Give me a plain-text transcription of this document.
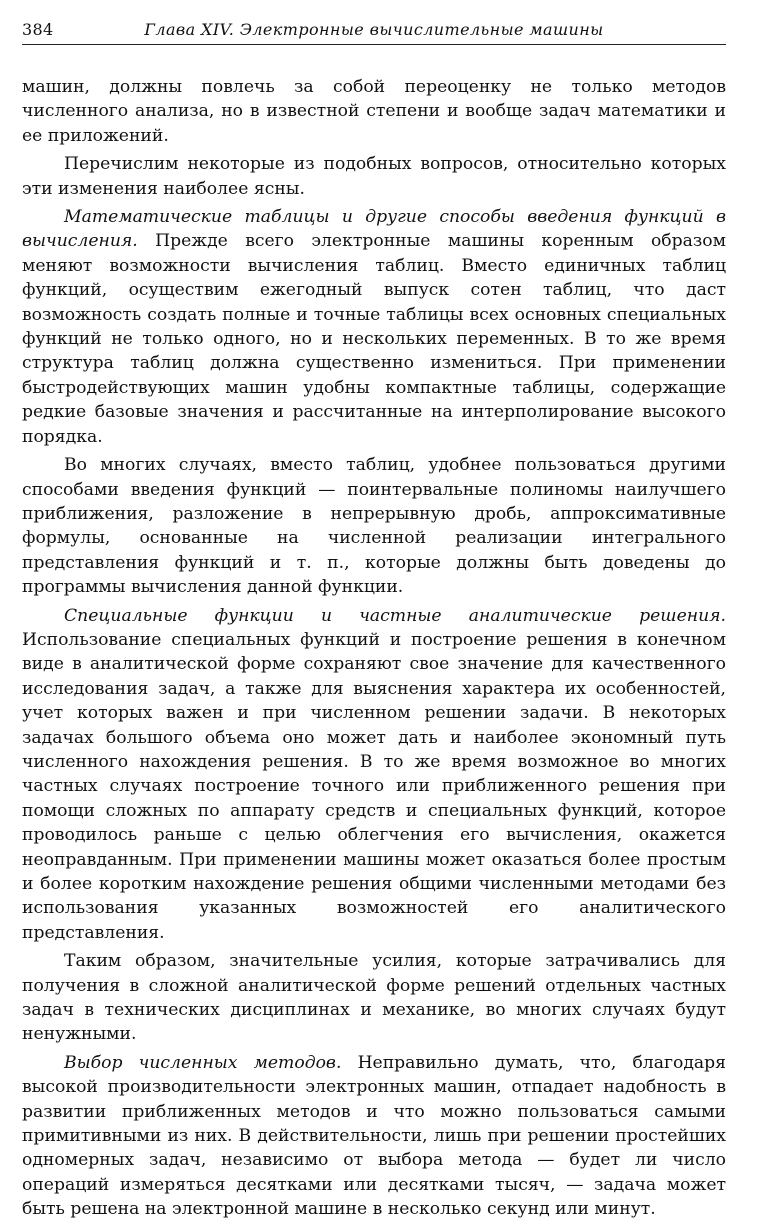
384	Глава XIV. Электронные вычислительные машины

машин, должны повлечь за собой переоценку не только методов численного анализа, но в известной степени и вообще задач математики и ее приложений.

Перечислим некоторые из подобных вопросов, относительно которых эти изменения наиболее ясны.

Математические таблицы и другие способы введения функций в вычисления. Прежде всего электронные машины коренным образом меняют возможности вычисления таблиц. Вместо единичных таблиц функций, осуществим ежегодный выпуск сотен таблиц, что даст возможность создать полные и точные таблицы всех основных специальных функций не только одного, но и нескольких переменных. В то же время структура таблиц должна существенно измениться. При применении быстродействующих машин удобны компактные таблицы, содержащие редкие базовые значения и рассчитанные на интерполирование высокого порядка.

Во многих случаях, вместо таблиц, удобнее пользоваться другими способами введения функций — поинтервальные полиномы наилучшего приближения, разложение в непрерывную дробь, аппроксимативные формулы, основанные на численной реализации интегрального представления функций и т. п., которые должны быть доведены до программы вычисления данной функции.

Специальные функции и частные аналитические решения. Использование специальных функций и построение решения в конечном виде в аналитической форме сохраняют свое значение для качественного исследования задач, а также для выяснения характера их особенностей, учет которых важен и при численном решении задачи. В некоторых задачах большого объема оно может дать и наиболее экономный путь численного нахождения решения. В то же время возможное во многих частных случаях построение точного или приближенного решения при помощи сложных по аппарату средств и специальных функций, которое проводилось раньше с целью облегчения его вычисления, окажется неоправданным. При применении машины может оказаться более простым и более коротким нахождение решения общими численными методами без использования указанных возможностей его аналитического представления.

Таким образом, значительные усилия, которые затрачивались для получения в сложной аналитической форме решений отдельных частных задач в технических дисциплинах и механике, во многих случаях будут ненужными.

Выбор численных методов. Неправильно думать, что, благодаря высокой производительности электронных машин, отпадает надобность в развитии приближенных методов и что можно пользоваться самыми примитивными из них. В действительности, лишь при решении простейших одномерных задач, независимо от выбора метода — будет ли число операций измеряться десятками или десятками тысяч, — задача может быть решена на электронной машине в несколько секунд или минут.
